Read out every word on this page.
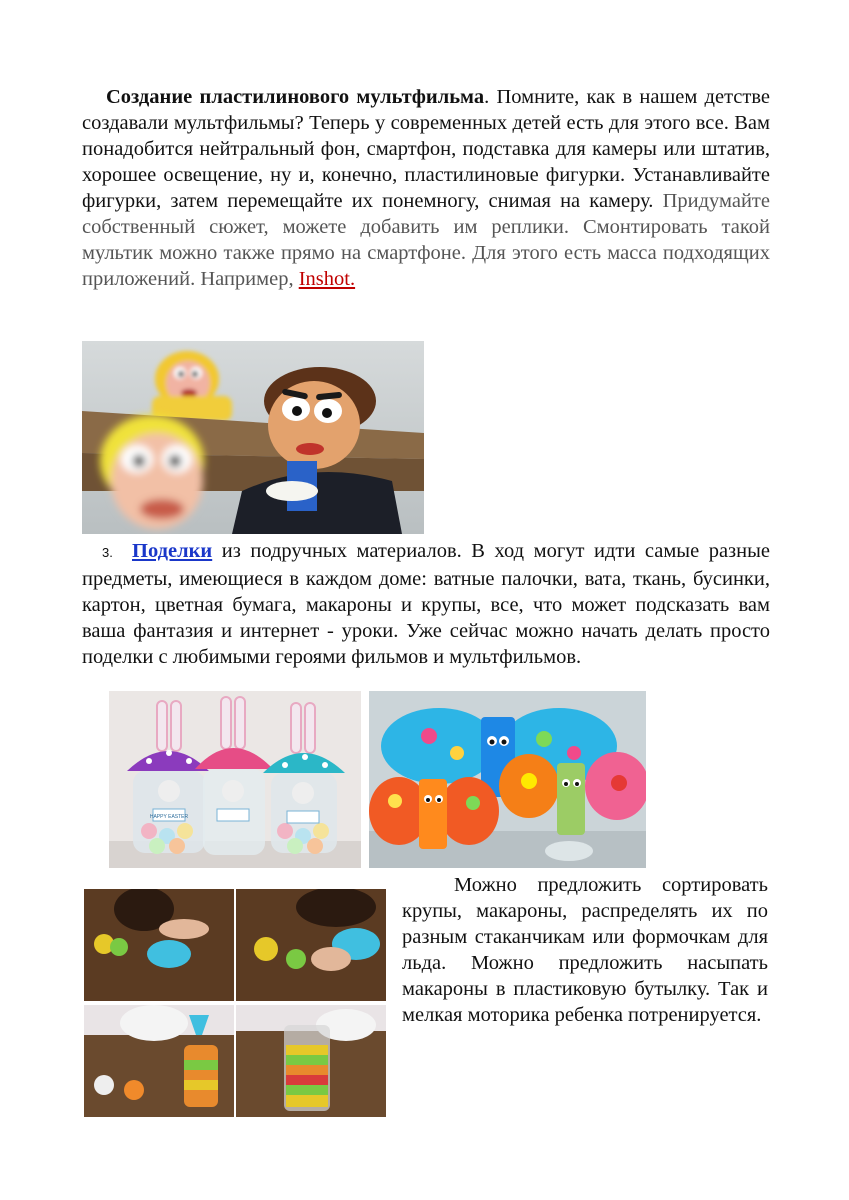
Создание пластилинового мультфильма. Помните, как в нашем детстве создавали мультфильмы? Теперь у современных детей есть для этого все. Вам понадобится нейтральный фон, смартфон, подставка для камеры или штатив, хорошее освещение, ну и, конечно, пластилиновые фигурки. Устанавливайте фигурки, затем перемещайте их понемногу, снимая на камеру. Придумайте собственный сюжет, можете добавить им реплики. Смонтировать такой мультик можно также прямо на смартфоне. Для этого есть масса подходящих приложений. Например, Inshot.

3. Поделки из подручных материалов. В ход могут идти самые разные предметы, имеющиеся в каждом доме: ватные палочки, вата, ткань, бусинки, картон, цветная бумага, макароны и крупы, все, что может подсказать вам ваша фантазия и интернет - уроки. Уже сейчас можно начать делать просто поделки с любимыми героями фильмов и мультфильмов.

HAPPY EASTER

Можно предложить сортировать крупы, макароны, распределять их по разным стаканчикам или формочкам для льда. Можно предложить насыпать макароны в пластиковую бутылку. Так и мелкая моторика ребенка потренируется.
